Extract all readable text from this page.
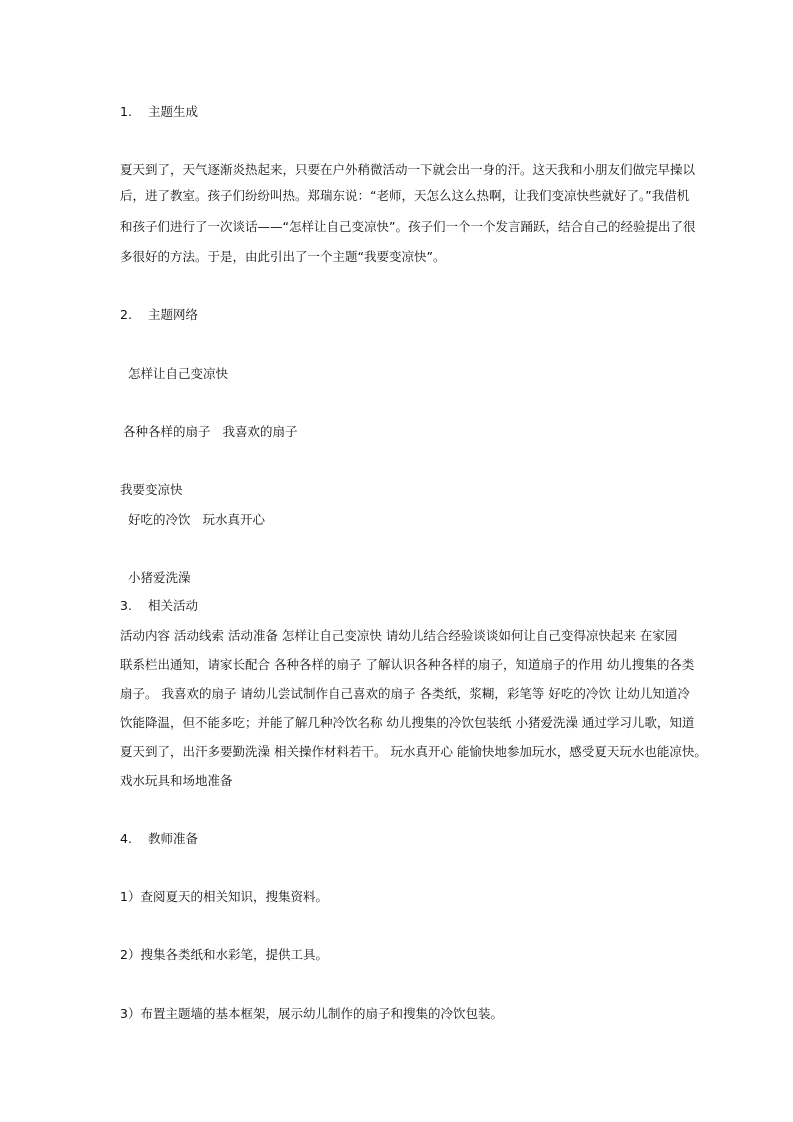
1. 主题生成
夏天到了，天气逐渐炎热起来，只要在户外稍微活动一下就会出一身的汗。这天我和小朋友们做完早操以
后，进了教室。孩子们纷纷叫热。郑瑞东说：“老师，天怎么这么热啊，让我们变凉快些就好了。”我借机
和孩子们进行了一次谈话——“怎样让自己变凉快”。孩子们一个一个发言踊跃，结合自己的经验提出了很
多很好的方法。于是，由此引出了一个主题“我要变凉快”。
2. 主题网络
怎样让自己变凉快
各种各样的扇子 我喜欢的扇子
我要变凉快
好吃的冷饮 玩水真开心
小猪爱洗澡
3. 相关活动
活动内容 活动线索 活动准备 怎样让自己变凉快 请幼儿结合经验谈谈如何让自己变得凉快起来 在家园
联系栏出通知，请家长配合 各种各样的扇子 了解认识各种各样的扇子，知道扇子的作用 幼儿搜集的各类
扇子。 我喜欢的扇子 请幼儿尝试制作自己喜欢的扇子 各类纸，浆糊，彩笔等 好吃的冷饮 让幼儿知道冷
饮能降温，但不能多吃；并能了解几种冷饮名称 幼儿搜集的冷饮包装纸 小猪爱洗澡 通过学习儿歌，知道
夏天到了，出汗多要勤洗澡 相关操作材料若干。 玩水真开心 能愉快地参加玩水，感受夏天玩水也能凉快。
戏水玩具和场地准备
4. 教师准备
1）查阅夏天的相关知识，搜集资料。
2）搜集各类纸和水彩笔，提供工具。
3）布置主题墙的基本框架，展示幼儿制作的扇子和搜集的冷饮包装。
